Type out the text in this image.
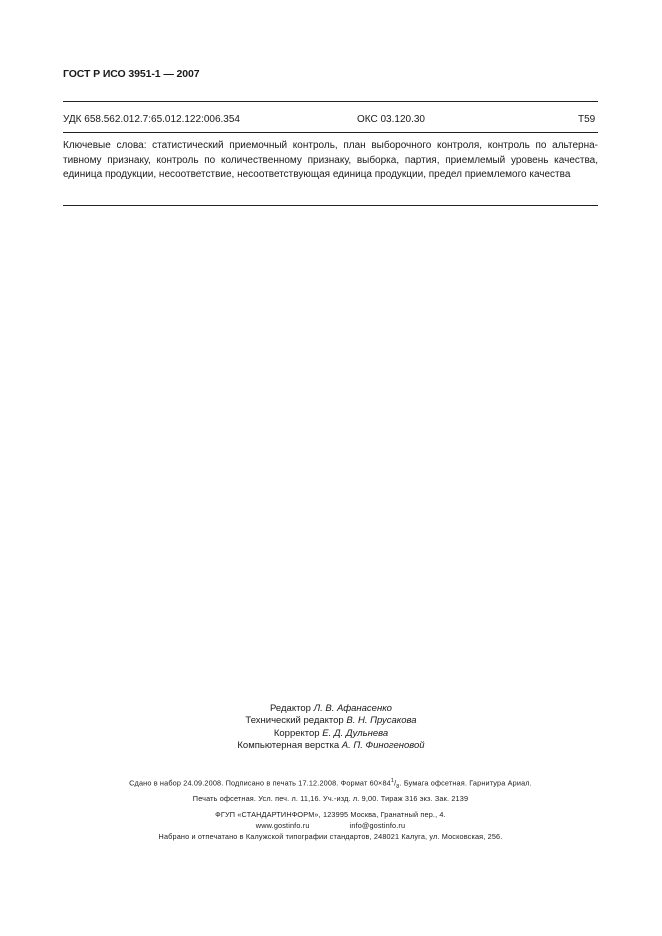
ГОСТ Р ИСО 3951-1 — 2007
УДК 658.562.012.7:65.012.122:006.354	ОКС 03.120.30	Т59
Ключевые слова: статистический приемочный контроль, план выборочного контроля, контроль по альтернативному признаку, контроль по количественному признаку, выборка, партия, приемлемый уровень качества, единица продукции, несоответствие, несоответствующая единица продукции, предел приемлемого качества
Редактор Л. В. Афанасенко
Технический редактор В. Н. Прусакова
Корректор Е. Д. Дульнева
Компьютерная верстка А. П. Финогеновой
Сдано в набор 24.09.2008. Подписано в печать 17.12.2008. Формат $60\times 84^1/_8$. Бумага офсетная. Гарнитура Ариал.
Печать офсетная. Усл. печ. л. 11,16. Уч.-изд. л. 9,00. Тираж 316 экз. Зак. 2139
ФГУП «СТАНДАРТИНФОРМ», 123995 Москва, Гранатный пер., 4.
www.gostinfo.ru	info@gostinfo.ru
Набрано и отпечатано в Калужской типографии стандартов, 248021 Калуга, ул. Московская, 256.
